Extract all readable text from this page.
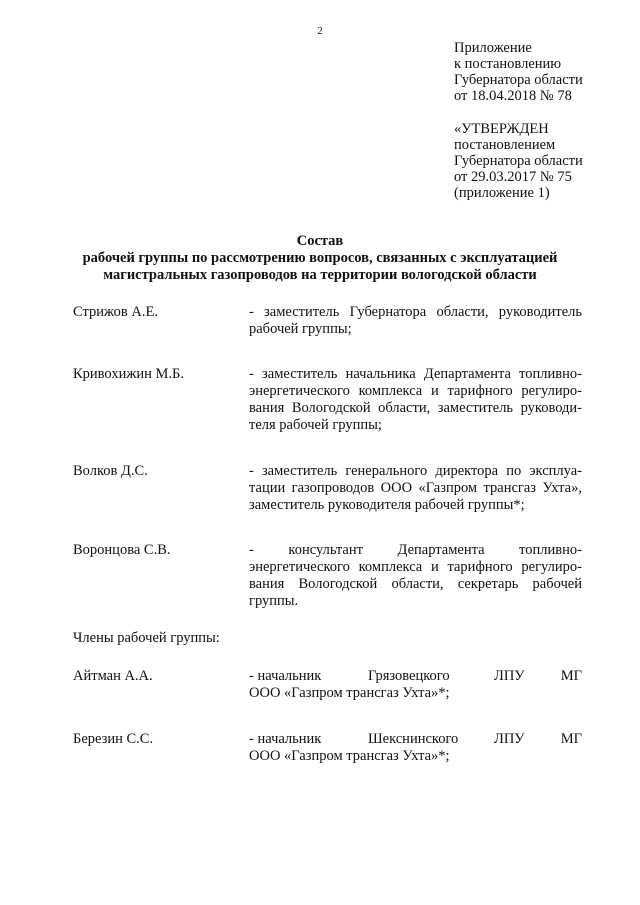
2
Приложение
к постановлению
Губернатора области
от 18.04.2018 № 78
«УТВЕРЖДЕН
постановлением
Губернатора области
от 29.03.2017 № 75
(приложение 1)
Состав
рабочей группы по рассмотрению вопросов, связанных с эксплуатацией
магистральных газопроводов на территории вологодской области
Стрижов А.Е.	- заместитель Губернатора области, руководитель
рабочей группы;
Кривохижин М.Б.	- заместитель начальника Департамента топливно-
энергетического комплекса и тарифного регулиро-
вания Вологодской области, заместитель руководи-
теля рабочей группы;
Волков Д.С.	- заместитель генерального директора по эксплуа-
тации газопроводов ООО «Газпром трансгаз Ухта»,
заместитель руководителя рабочей группы*;
Воронцова С.В.	- консультант Департамента топливно-
энергетического комплекса и тарифного регулиро-
вания Вологодской области, секретарь рабочей
группы.
Члены рабочей группы:
Айтман А.А.	- начальник	Грязовецкого	ЛПУ МГ
ООО «Газпром трансгаз Ухта»*;
Березин С.С.	- начальник	Шекснинского ЛПУ МГ
ООО «Газпром трансгаз Ухта»*;
